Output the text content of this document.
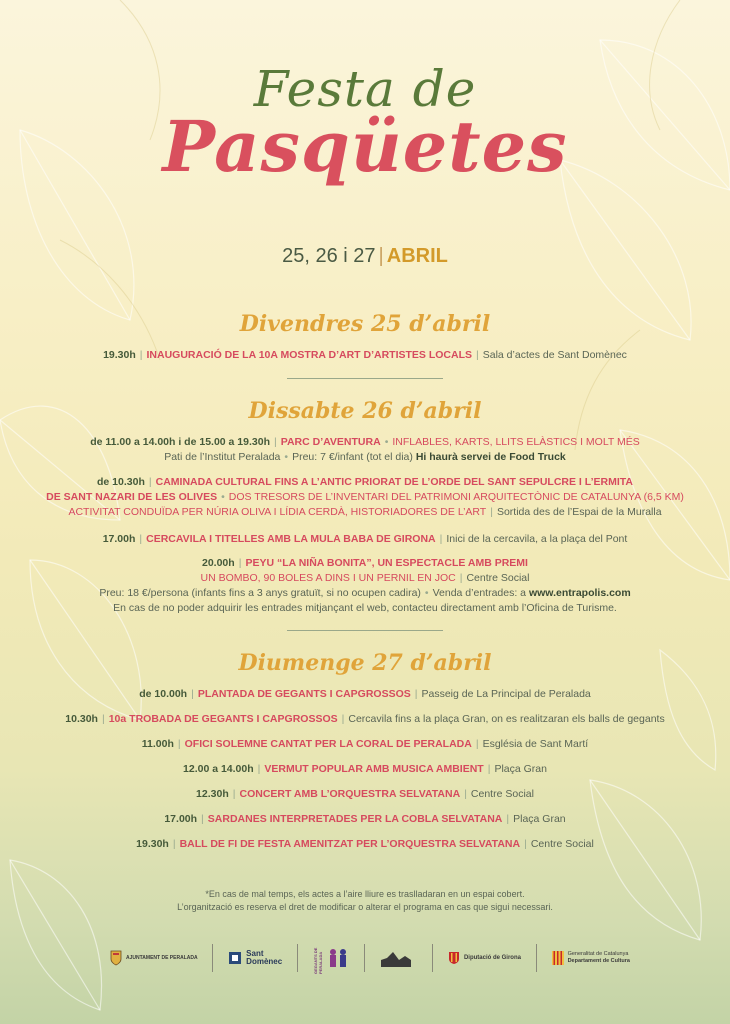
Festa de
Pasqüetes
25, 26 i 27 | ABRIL
Divendres 25 d’abril
19.30h | INAUGURACIÓ DE LA 10A MOSTRA D’ART D’ARTISTES LOCALS | Sala d’actes de Sant Domènec
Dissabte 26 d’abril
de 11.00 a 14.00h i de 15.00 a 19.30h | PARC D’AVENTURA • INFLABLES, KARTS, LLITS ELÀSTICS I MOLT MÉS
Pati de l’Institut Peralada • Preu: 7 €/infant (tot el dia) Hi haurà servei de Food Truck
de 10.30h | CAMINADA CULTURAL FINS A L’ANTIC PRIORAT DE L’ORDE DEL SANT SEPULCRE I L’ERMITA
DE SANT NAZARI DE LES OLIVES • DOS TRESORS DE L’INVENTARI DEL PATRIMONI ARQUITECTÒNIC DE CATALUNYA (6,5 KM)
ACTIVITAT CONDUÏDA PER NÚRIA OLIVA I LÍDIA CERDÀ, HISTORIADORES DE L’ART | Sortida des de l’Espai de la Muralla
17.00h | CERCAVILA I TITELLES AMB LA MULA BABA DE GIRONA | Inici de la cercavila, a la plaça del Pont
20.00h | PEYU “LA NIÑA BONITA”, UN ESPECTACLE AMB PREMI
UN BOMBO, 90 BOLES A DINS I UN PERNIL EN JOC | Centre Social
Preu: 18 €/persona (infants fins a 3 anys gratuït, si no ocupen cadira) • Venda d’entrades: a www.entrapolis.com
En cas de no poder adquirir les entrades mitjançant el web, contacteu directament amb l’Oficina de Turisme.
Diumenge 27 d’abril
de 10.00h | PLANTADA DE GEGANTS I CAPGROSSOS | Passeig de La Principal de Peralada
10.30h | 10a TROBADA DE GEGANTS I CAPGROSSOS | Cercavila fins a la plaça Gran, on es realitzaran els balls de gegants
11.00h | OFICI SOLEMNE CANTAT PER LA CORAL DE PERALADA | Església de Sant Martí
12.00 a 14.00h | VERMUT POPULAR AMB MUSICA AMBIENT | Plaça Gran
12.30h | CONCERT AMB L’ORQUESTRA SELVATANA | Centre Social
17.00h | SARDANES INTERPRETADES PER LA COBLA SELVATANA | Plaça Gran
19.30h | BALL DE FI DE FESTA AMENITZAT PER L’ORQUESTRA SELVATANA | Centre Social
*En cas de mal temps, els actes a l’aire lliure es traslladaran en un espai cobert.
L’organització es reserva el dret de modificar o alterar el programa en cas que sigui necessari.
AJUNTAMENT DE PERALADA	Sant
Domènec	GEGANTS DE PERALADA	Diputació de Girona
Generalitat de Catalunya
Departament de Cultura
